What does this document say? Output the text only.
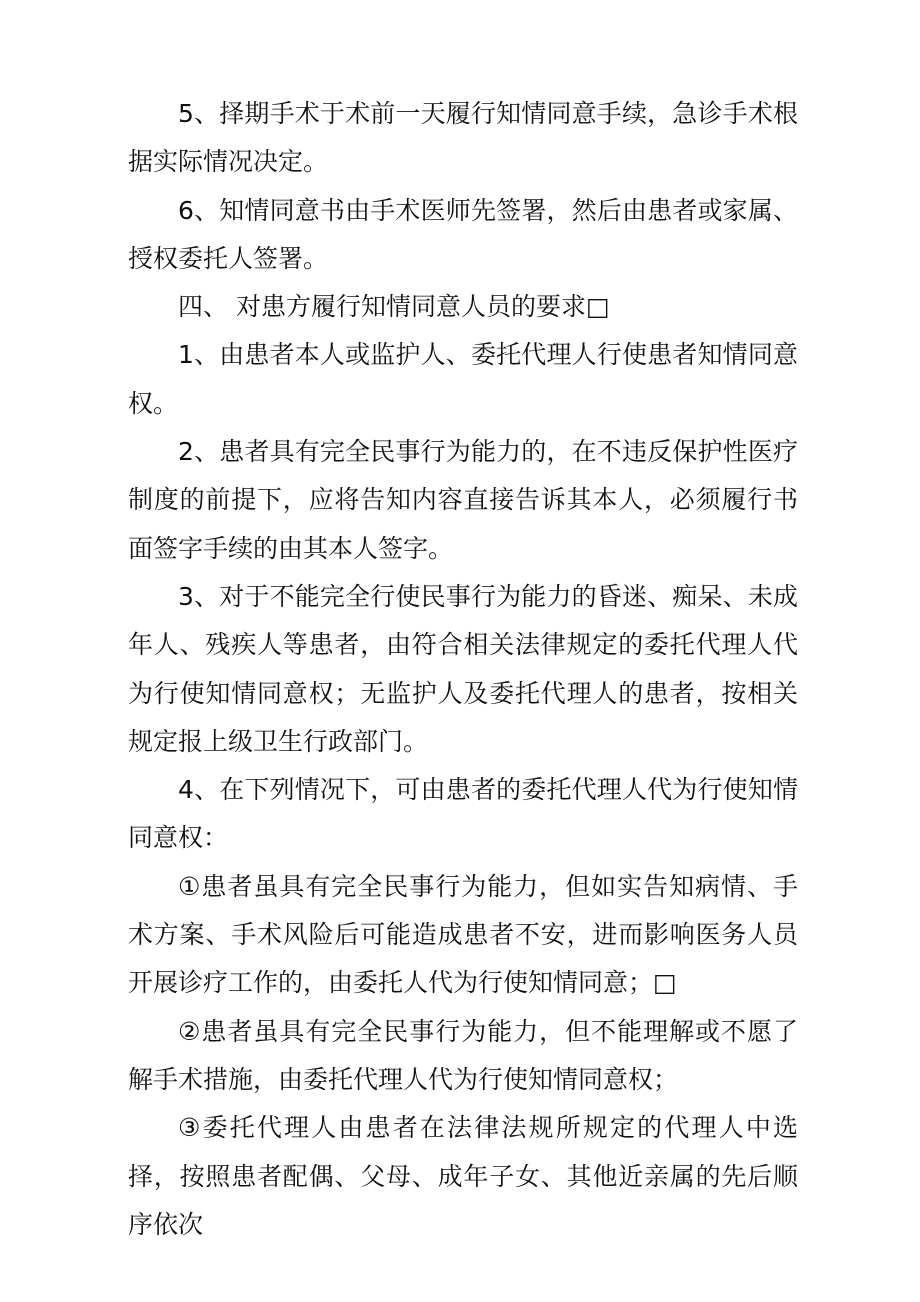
5、择期手术于术前一天履行知情同意手续，急诊手术根据实际情况决定。

6、知情同意书由手术医师先签署，然后由患者或家属、授权委托人签署。

四、 对患方履行知情同意人员的要求□

1、由患者本人或监护人、委托代理人行使患者知情同意权。

2、患者具有完全民事行为能力的，在不违反保护性医疗制度的前提下，应将告知内容直接告诉其本人，必须履行书面签字手续的由其本人签字。

3、对于不能完全行使民事行为能力的昏迷、痴呆、未成年人、残疾人等患者，由符合相关法律规定的委托代理人代为行使知情同意权；无监护人及委托代理人的患者，按相关规定报上级卫生行政部门。

4、在下列情况下，可由患者的委托代理人代为行使知情同意权：

①患者虽具有完全民事行为能力，但如实告知病情、手术方案、手术风险后可能造成患者不安，进而影响医务人员开展诊疗工作的，由委托人代为行使知情同意；□

②患者虽具有完全民事行为能力，但不能理解或不愿了解手术措施，由委托代理人代为行使知情同意权；

③委托代理人由患者在法律法规所规定的代理人中选择，按照患者配偶、父母、成年子女、其他近亲属的先后顺序依次
